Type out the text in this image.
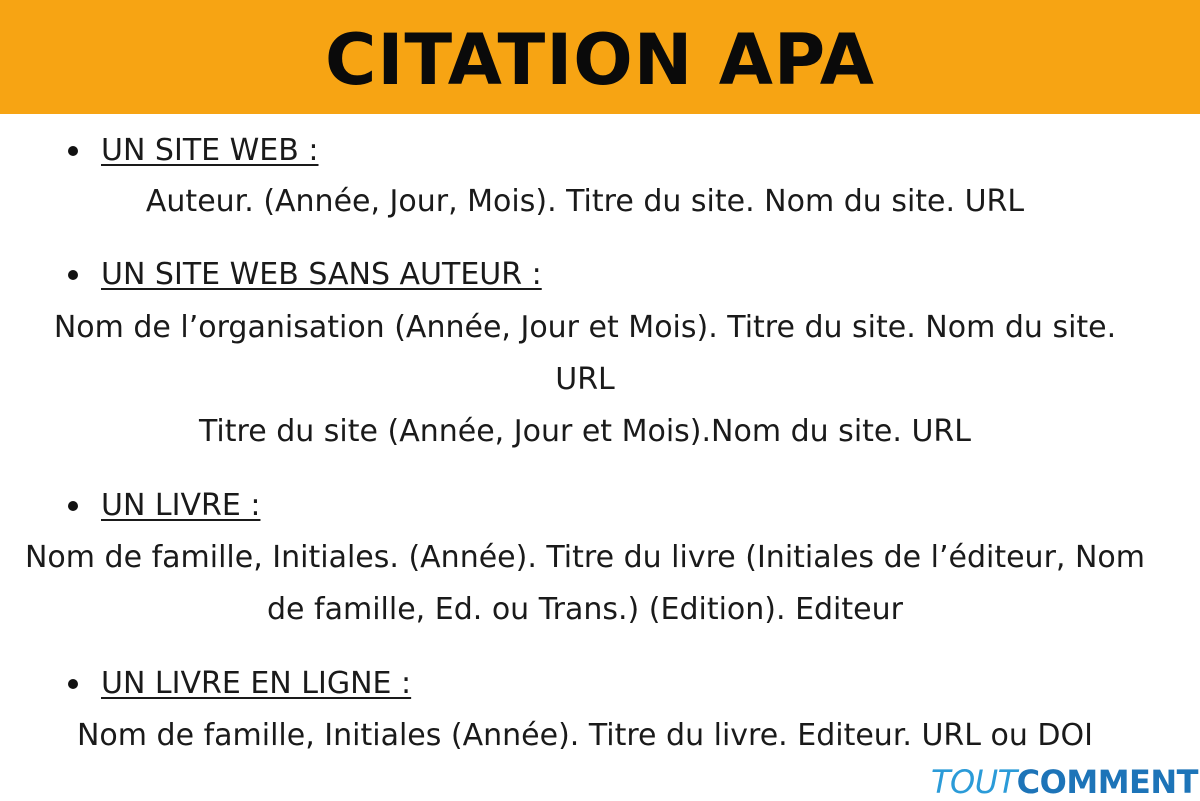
CITATION APA
UN SITE WEB :
Auteur. (Année, Jour, Mois). Titre du site. Nom du site. URL
UN SITE WEB SANS AUTEUR :
Nom de l’organisation (Année, Jour et Mois). Titre du site. Nom du site.
URL
Titre du site (Année, Jour et Mois).Nom du site. URL
UN LIVRE :
Nom de famille, Initiales. (Année). Titre du livre (Initiales de l’éditeur, Nom
de famille, Ed. ou Trans.) (Edition). Editeur
UN LIVRE EN LIGNE :
Nom de famille, Initiales (Année). Titre du livre. Editeur. URL ou DOI
TOUT COMMENT
